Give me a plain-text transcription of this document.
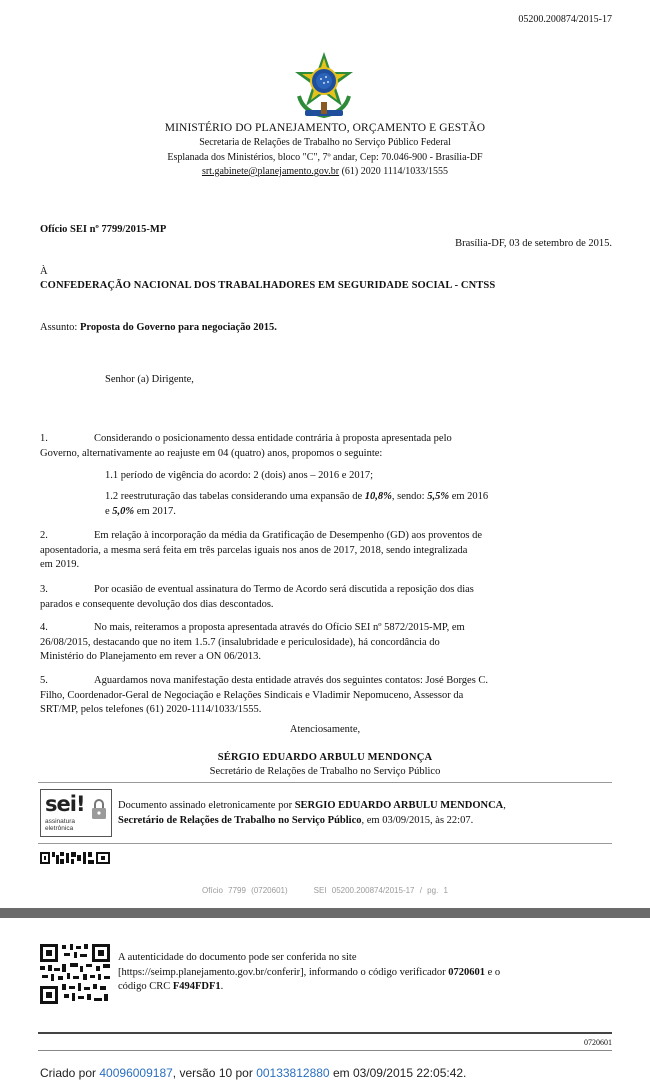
05200.200874/2015-17
MINISTÉRIO DO PLANEJAMENTO, ORÇAMENTO E GESTÃO
Secretaria de Relações de Trabalho no Serviço Público Federal
Esplanada dos Ministérios, bloco "C", 7º andar, Cep: 70.046-900 - Brasília-DF
srt.gabinete@planejamento.gov.br (61) 2020 1114/1033/1555
Ofício SEI nº 7799/2015-MP
Brasília-DF, 03 de setembro de 2015.
À
CONFEDERAÇÃO NACIONAL DOS TRABALHADORES EM SEGURIDADE SOCIAL - CNTSS
Assunto: Proposta do Governo para negociação 2015.
Senhor (a) Dirigente,
1.	Considerando o posicionamento dessa entidade contrária à proposta apresentada pelo
Governo, alternativamente ao reajuste em 04 (quatro) anos, propomos o seguinte:
1.1 período de vigência do acordo: 2 (dois) anos – 2016 e 2017;
1.2 reestruturação das tabelas considerando uma expansão de 10,8%, sendo: 5,5% em 2016
e 5,0% em 2017.
2.	Em relação à incorporação da média da Gratificação de Desempenho (GD) aos proventos de
aposentadoria, a mesma será feita em três parcelas iguais nos anos de 2017, 2018, sendo integralizada
em 2019.
3.	Por ocasião de eventual assinatura do Termo de Acordo será discutida a reposição dos dias
parados e consequente devolução dos dias descontados.
4.	No mais, reiteramos a proposta apresentada através do Ofício SEI nº 5872/2015-MP, em
26/08/2015, destacando que no item 1.5.7 (insalubridade e periculosidade), há concordância do
Ministério do Planejamento em rever a ON 06/2013.
5.	Aguardamos nova manifestação desta entidade através dos seguintes contatos: José Borges C.
Filho, Coordenador-Geral de Negociação e Relações Sindicais e Vladimir Nepomuceno, Assessor da
SRT/MP, pelos telefones (61) 2020-1114/1033/1555.
Atenciosamente,
SÉRGIO EDUARDO ARBULU MENDONÇA
Secretário de Relações de Trabalho no Serviço Público
sei!
assinatura
eletrônica
Documento assinado eletronicamente por SERGIO EDUARDO ARBULU MENDONCA,
Secretário de Relações de Trabalho no Serviço Público, em 03/09/2015, às 22:07.
Ofício 7799 (0720601)	SEI 05200.200874/2015-17 / pg. 1
A autenticidade do documento pode ser conferida no site
[https://seimp.planejamento.gov.br/conferir], informando o código verificador 0720601 e o
código CRC F494FDF1.
0720601
Criado por 40096009187, versão 10 por 00133812880 em 03/09/2015 22:05:42.
